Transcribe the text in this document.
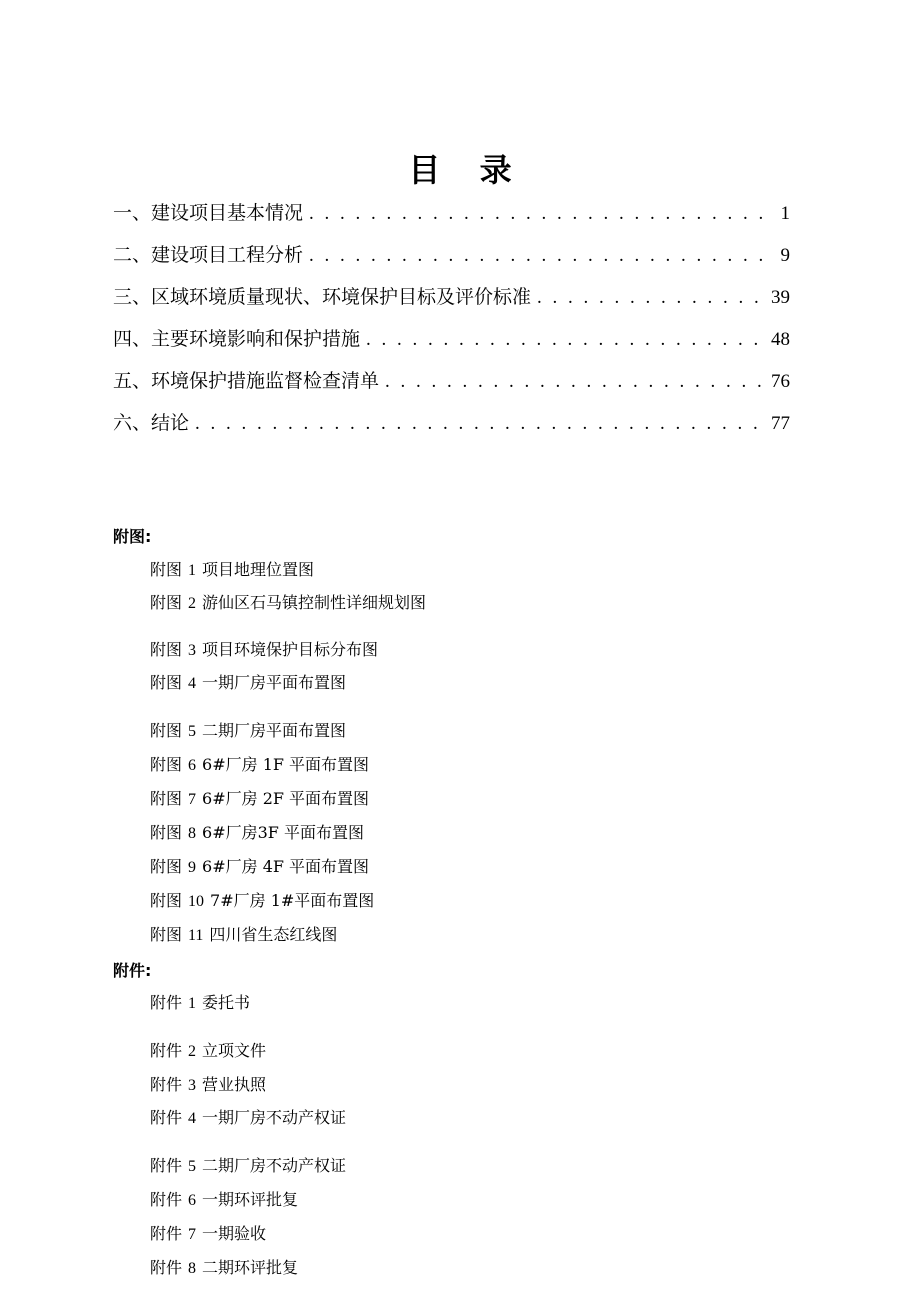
目 录
一、建设项目基本情况 . . .	1
二、建设项目工程分析 . . .	9
三、区域环境质量现状、环境保护目标及评价标准 . . .	39
四、主要环境影响和保护措施 . . .	48
五、环境保护措施监督检查清单 . . .	76
六、结论 . . .	77
附图:
附图 1 项目地理位置图
附图 2 游仙区石马镇控制性详细规划图
附图 3 项目环境保护目标分布图
附图 4 一期厂房平面布置图
附图 5 二期厂房平面布置图
附图 6 6#厂房 1F 平面布置图
附图 7 6#厂房 2F 平面布置图
附图 8 6#厂房3F 平面布置图
附图 9 6#厂房 4F 平面布置图
附图 10 7#厂房 1#平面布置图
附图 11 四川省生态红线图
附件:
附件 1 委托书
附件 2 立项文件
附件 3 营业执照
附件 4 一期厂房不动产权证
附件 5 二期厂房不动产权证
附件 6 一期环评批复
附件 7 一期验收
附件 8 二期环评批复
